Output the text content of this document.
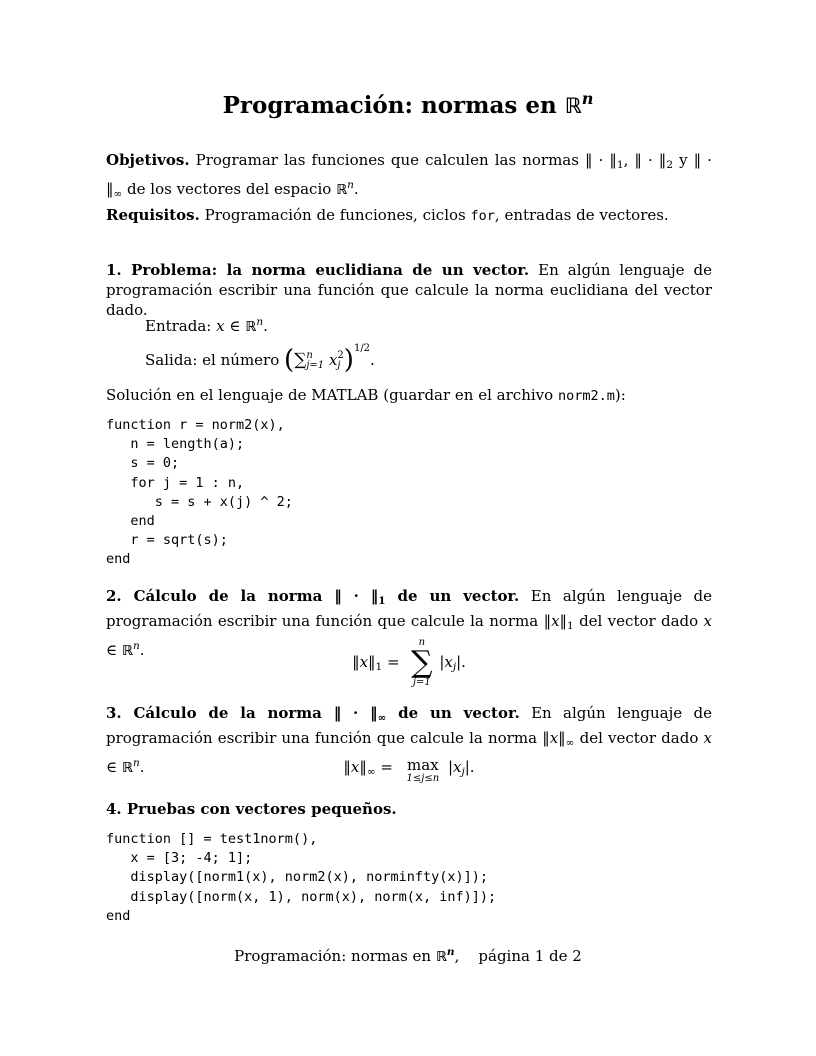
Programación: normas en ℝ$^n$
Objetivos. Programar las funciones que calculen las normas ‖ · $‖_1$, ‖ · $‖_2$ y ‖ · $‖_\infty$ de los vectores del espacio ℝ$^n$.
Requisitos. Programación de funciones, ciclos for, entradas de vectores.
1. Problema: la norma euclidiana de un vector. En algún lenguaje de programación escribir una función que calcule la norma euclidiana del vector dado.
Entrada: x ∈ ℝ$^n$.
Salida: el número (∑ n
j=1 x 2
j )$^{1/2}$.
Solución en el lenguaje de MATLAB (guardar en el archivo norm2.m):
function r = norm2(x),
n = length(a);
s = 0;
for j = 1 : n,
s = s + x(j) ^ 2;
end
r = sqrt(s);
end
2. Cálculo de la norma ‖ · $‖_1$ de un vector. En algún lenguaje de programación escribir una función que calcule la norma $‖x‖_1$ del vector dado x ∈ ℝ$^n$.
$‖x‖_1$ =
n
∑
j=1
$|x_j|$.
3. Cálculo de la norma ‖ · $‖_\infty$ de un vector. En algún lenguaje de programación escribir una función que calcule la norma $‖x‖_\infty$ del vector dado x ∈ ℝ$^n$.	$‖x‖_\infty = \max$
1≤j≤n
$|x_j|$.
4. Pruebas con vectores pequeños.
function [] = test1norm(),
x = [3; -4; 1];
display([norm1(x), norm2(x), norminfty(x)]);
display([norm(x, 1), norm(x), norm(x, inf)]);
end
Programación: normas en ℝ$^n$,    página 1 de 2
